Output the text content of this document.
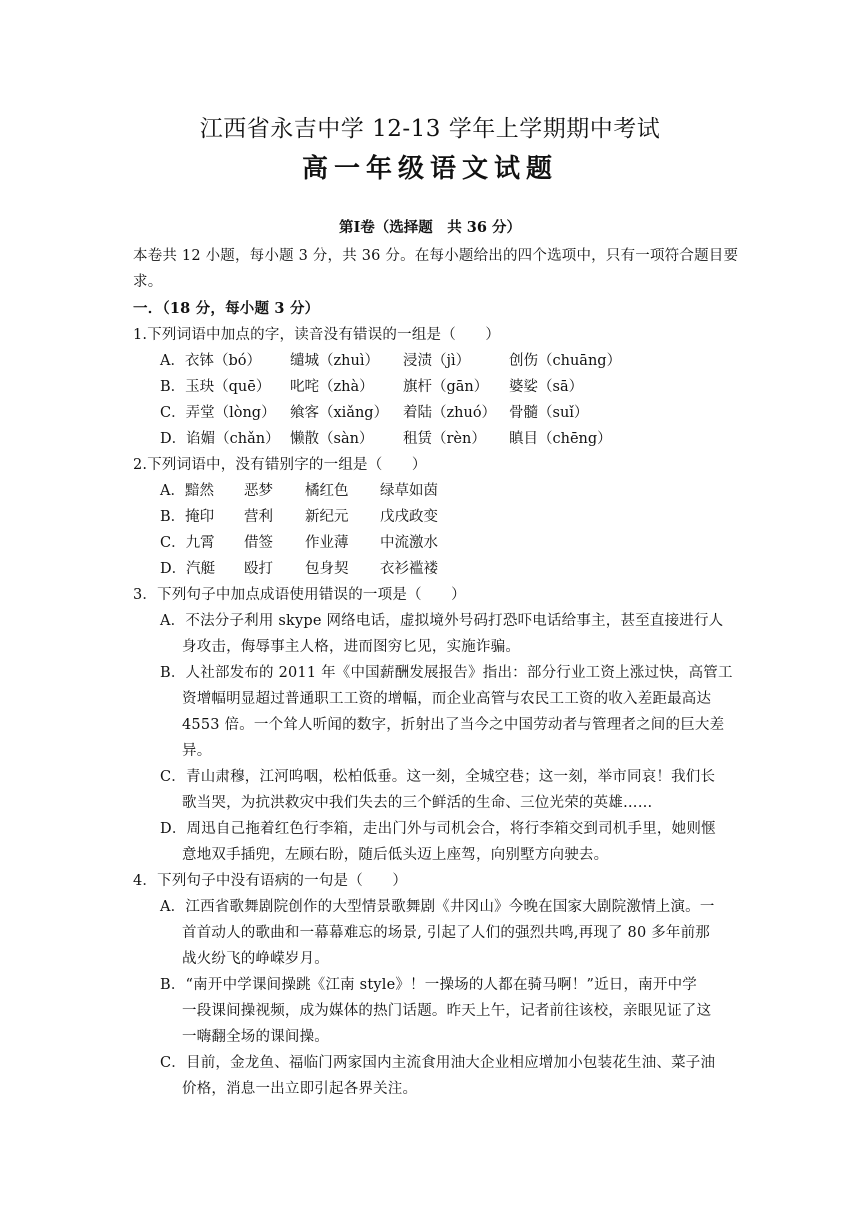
江西省永吉中学 12-13 学年上学期期中考试
高一年级语文试题
第Ⅰ卷（选择题　共 36 分）
本卷共 12 小题，每小题 3 分，共 36 分。在每小题给出的四个选项中，只有一项符合题目要
求。
一．（18 分，每小题 3 分）
1.下列词语中加点的字，读音没有错误的一组是（　　）
A．衣钵（bó） 缱城（zhuì） 浸渍（jì）	创伤（chuāng）
B．玉玦（quē） 叱咤（zhà） 旗杆（gān） 婆娑（sā）
C．弄堂（lòng） 飨客（xiǎng） 着陆（zhuó） 骨髓（suǐ）
D．谄媚（chǎn） 懒散（sàn） 租赁（rèn） 瞋目（chēng）
2.下列词语中，没有错别字的一组是（　　）
A．黯然 恶梦 橘红色 绿草如茵
B．掩印 营利 新纪元 戊戌政变
C．九霄 借签 作业薄 中流激水
D．汽艇 殴打 包身契 衣衫褴褛
3．下列句子中加点成语使用错误的一项是（　　）
A．不法分子利用 skype 网络电话，虚拟境外号码打恐吓电话给事主，甚至直接进行人
身攻击，侮辱事主人格，进而图穷匕见，实施诈骗。
B．人社部发布的 2011 年《中国薪酬发展报告》指出：部分行业工资上涨过快，高管工
资增幅明显超过普通职工工资的增幅，而企业高管与农民工工资的收入差距最高达
4553 倍。一个耸人听闻的数字，折射出了当今之中国劳动者与管理者之间的巨大差
异。
C．青山肃穆，江河呜咽，松柏低垂。这一刻，全城空巷；这一刻，举市同哀！我们长
歌当哭，为抗洪救灾中我们失去的三个鲜活的生命、三位光荣的英雄……
D．周迅自己拖着红色行李箱，走出门外与司机会合，将行李箱交到司机手里，她则惬
意地双手插兜，左顾右盼，随后低头迈上座驾，向别墅方向驶去。
4．下列句子中没有语病的一句是（　　）
A．江西省歌舞剧院创作的大型情景歌舞剧《井冈山》今晚在国家大剧院激情上演。一
首首动人的歌曲和一幕幕难忘的场景, 引起了人们的强烈共鸣,再现了 80 多年前那
战火纷飞的峥嵘岁月。
B．“南开中学课间操跳《江南 style》！一操场的人都在骑马啊！”近日，南开中学
一段课间操视频，成为媒体的热门话题。昨天上午，记者前往该校，亲眼见证了这
一嗨翻全场的课间操。
C．目前，金龙鱼、福临门两家国内主流食用油大企业相应增加小包装花生油、菜子油
价格，消息一出立即引起各界关注。
